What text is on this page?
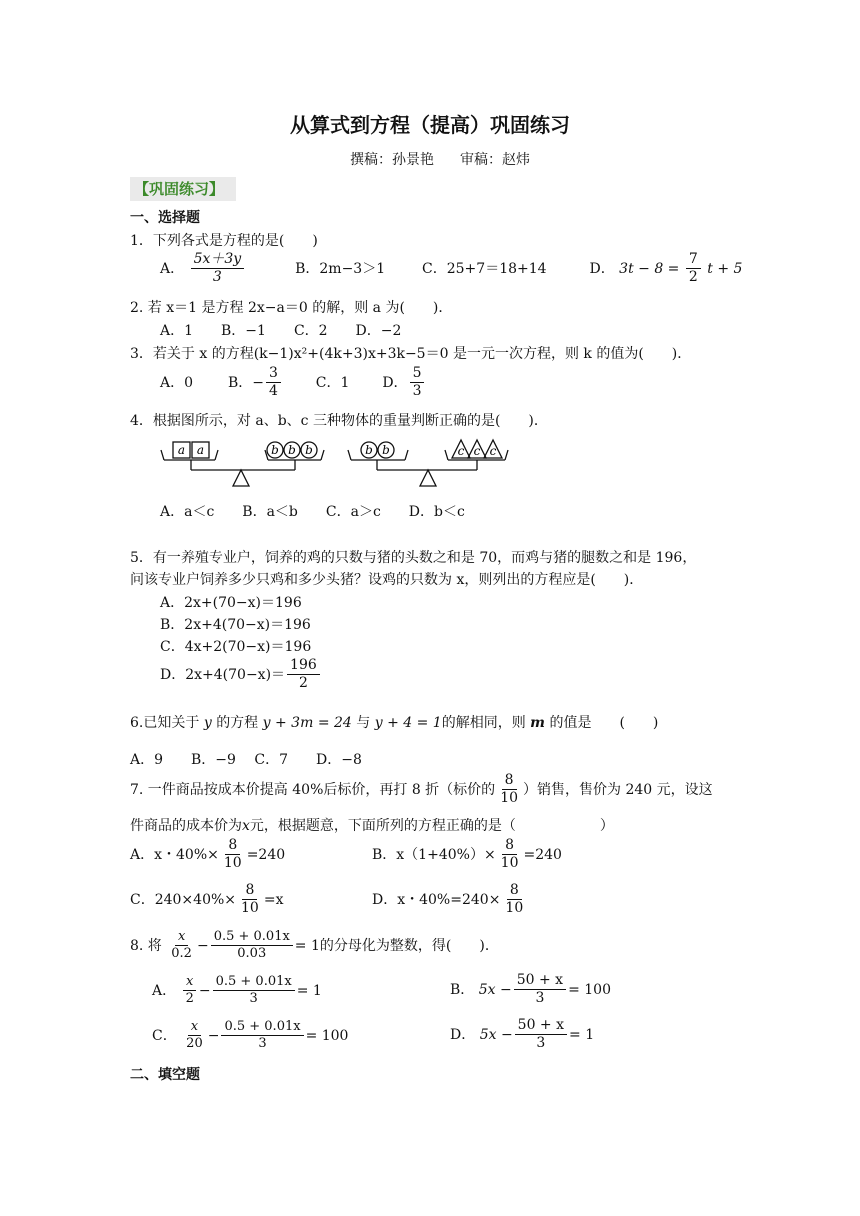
从算式到方程（提高）巩固练习
撰稿：孙景艳 审稿：赵炜
【巩固练习】
一、选择题
1．下列各式是方程的是(　　)
A． $\frac{5x+3y}{3}$	B．2m−3＞1	C．25+7＝18+14	D． $3t - 8 = \frac{7}{2}$ t + 5
2. 若 x＝1 是方程 2x−a＝0 的解，则 a 为(　　)．
A．1　　B．−1　　C．2　　D．−2
3．若关于 x 的方程(k−1)x²+(4k+3)x+3k−5＝0 是一元一次方程，则 k 的值为(　　)．
A．0 B．− $\frac{3}{4}$ C．1 D． $\frac{5}{3}$
4．根据图所示，对 a、b、c 三种物体的重量判断正确的是(　　)．
a a	b b b	b b	c c c
A．a＜c　　B．a＜b　　C．a＞c　　D．b＜c
5．有一养殖专业户，饲养的鸡的只数与猪的头数之和是 70，而鸡与猪的腿数之和是 196，
问该专业户饲养多少只鸡和多少头猪？设鸡的只数为 x，则列出的方程应是(　　)．
A．2x+(70−x)＝196
B．2x+4(70−x)＝196
C．4x+2(70−x)＝196
D．$2x+4(70-x)= \frac{196}{2}$
6.已知关于 y 的方程 y + 3m = 24 与 y + 4 = 1的解相同，则 m 的值是　　(　　)
A．9　　B．−9　 C．7　　D．−8
7. 一件商品按成本价提高 40%后标价，再打 8 折（标价的 $\frac{8}{10}$ ）销售，售价为 240 元，设这
件商品的成本价为x元，根据题意，下面所列的方程正确的是（　　　　　　）
A．x・$40\%\times \frac{8}{10} =240$	B．$x(1+40\%)\times \frac{8}{10} =240$
C．$240\times 40\%\times \frac{8}{10} =x$	D．x・$40\%=240\times \frac{8}{10}$
8. 将 $\frac{x}{0.2} - \frac{0.5 + 0.01x}{0.03} = 1$的分母化为整数，得(　　)．
A． $\frac{x}{2} - \frac{0.5 + 0.01x}{3} = 1$	B． $5x - \frac{50 + x}{3} = 100$
C． $\frac{x}{20} - \frac{0.5 + 0.01x}{3} = 100$	D． $5x - \frac{50 + x}{3} = 1$
二、填空题
